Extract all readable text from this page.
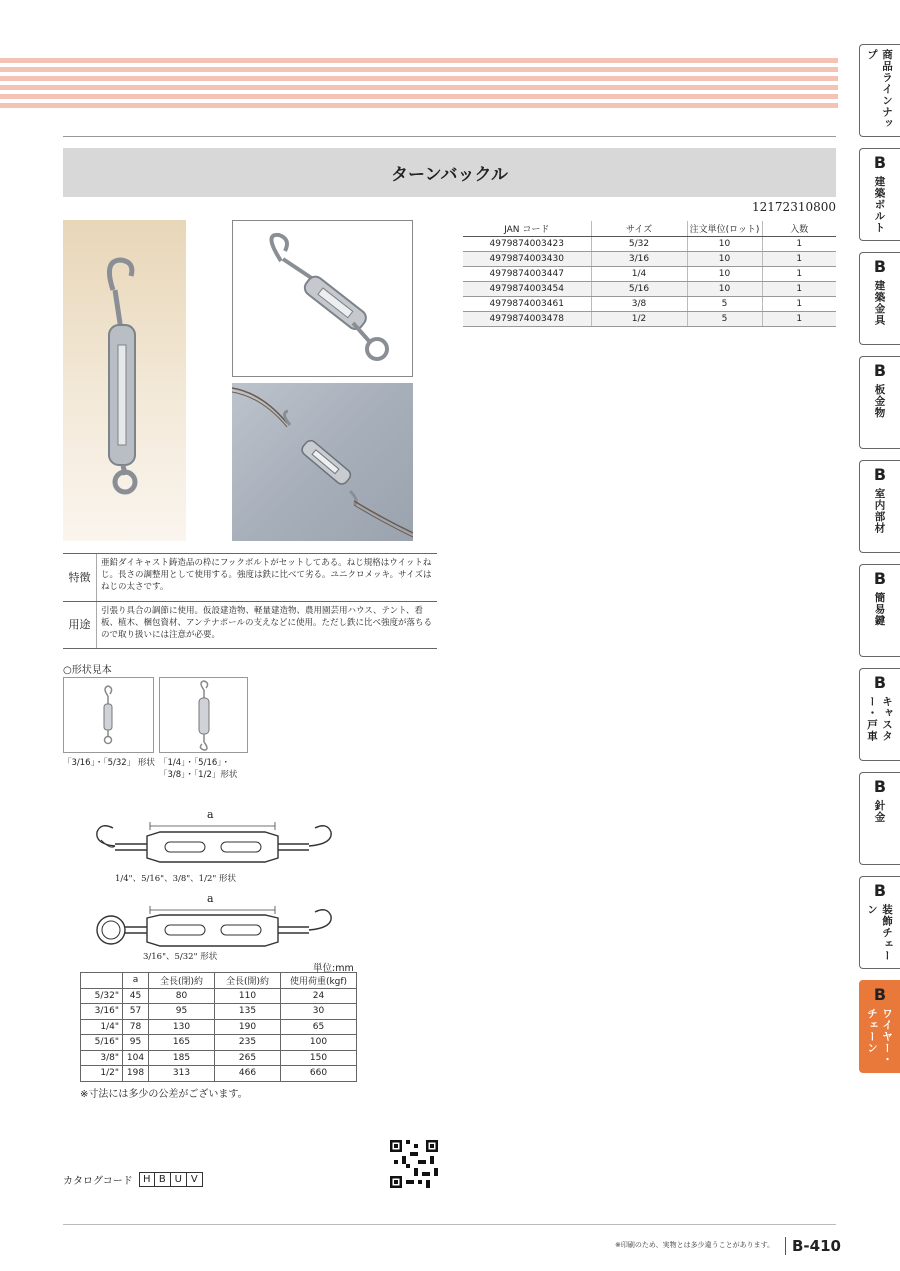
ターンバックル
12172310800
JAN コード	サイズ	注文単位(ロット)	入数
4979874003423	5/32	10	1
4979874003430	3/16	10	1
4979874003447	1/4	10	1
4979874003454	5/16	10	1
4979874003461	3/8	5	1
4979874003478	1/2	5	1
特徴
亜鉛ダイキャスト鋳造品の枠にフックボルトがセットしてある。ねじ規格はウイットねじ。長さの調整用として使用する。強度は鉄に比べて劣る。ユニクロメッキ。サイズはねじの太さです。
用途
引張り具合の調節に使用。仮設建造物、軽量建造物、農用園芸用ハウス、テント、看板、植木、梱包資材、アンテナポールの支えなどに使用。ただし鉄に比べ強度が落ちるので取り扱いには注意が必要。
○形状見本
「3/16」・「5/32」 形状 「1/4」・「5/16」・「3/8」・「1/2」形状
a
1/4"、5/16"、3/8"、1/2" 形状
a
3/16"、5/32" 形状
単位:mm
	a	全長(閉)約	全長(開)約	使用荷重(kgf)
5/32"	45	80	110	24
3/16"	57	95	135	30
1/4"	78	130	190	65
5/16"	95	165	235	100
3/8"	104	185	265	150
1/2"	198	313	466	660
※寸法には多少の公差がございます。
カタログコード	H B U V
※印刷のため、実物とは多少違うことがあります。	B-410
商品ラインナップ
B
建築ボルト
B
建築金具
B
板金物
B
室内部材
B
簡易鍵
B
キャスター・戸車
B
針金
B
装飾チェーン
B
ワイヤー・チェーン
